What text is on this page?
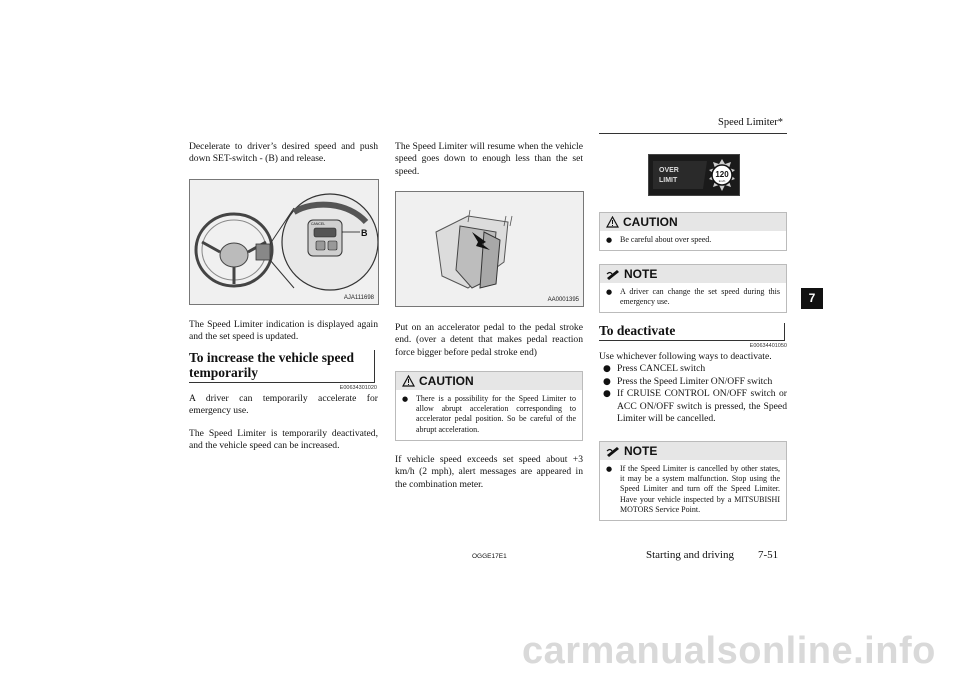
Speed Limiter*
7

Decelerate to driver’s desired speed and push down SET-switch - (B) and release.

CANCEL
B
AJA111698

The Speed Limiter indication is displayed again and the set speed is updated.

To increase the vehicle speed temporarily
E00634301020

A driver can temporarily accelerate for emergency use.

The Speed Limiter is temporarily deactivated, and the vehicle speed can be increased.

The Speed Limiter will resume when the vehicle speed goes down to enough less than the set speed.

AA0001395

Put on an accelerator pedal to the pedal stroke end. (over a detent that makes pedal reaction force bigger before pedal stroke end)

CAUTION
● There is a possibility for the Speed Limiter to allow abrupt acceleration corresponding to accelerator pedal position. So be careful of the abrupt acceleration.

If vehicle speed exceeds set speed about +3 km/h (2 mph), alert messages are appeared in the combination meter.

OVER
LIMIT
120
km/h
CAUTION
● Be careful about over speed.
NOTE
● A driver can change the set speed during this emergency use.
To deactivate
E00634401050

Use whichever following ways to deactivate.

● Press CANCEL switch
● Press the Speed Limiter ON/OFF switch
● If CRUISE CONTROL ON/OFF switch or ACC ON/OFF switch is pressed, the Speed Limiter will be cancelled.
NOTE
● If the Speed Limiter is cancelled by other states, it may be a system malfunction. Stop using the Speed Limiter and turn off the Speed Limiter. Have your vehicle inspected by a MITSUBISHI MOTORS Service Point.
OGGE17E1	Starting and driving 7-51
carmanualsonline.info
